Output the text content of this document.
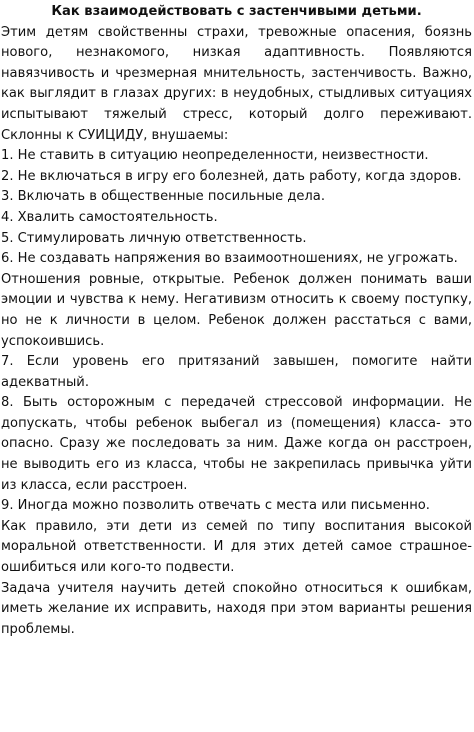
Как взаимодействовать с застенчивыми детьми.
Этим детям свойственны страхи, тревожные опасения, боязнь нового, незнакомого, низкая адаптивность. Появляются навязчивость и чрезмерная мнительность, застенчивость. Важно, как выглядит в глазах других: в неудобных, стыдливых ситуациях испытывают тяжелый стресс, который долго переживают. Склонны к СУИЦИДУ, внушаемы:
1. Не ставить в ситуацию неопределенности, неизвестности.
2. Не включаться в игру его болезней, дать работу, когда здоров.
3. Включать в общественные посильные дела.
4. Хвалить самостоятельность.
5. Стимулировать личную ответственность.
6. Не создавать напряжения во взаимоотношениях, не угрожать.
Отношения ровные, открытые. Ребенок должен понимать ваши эмоции и чувства к нему. Негативизм относить к своему поступку, но не к личности в целом. Ребенок должен расстаться с вами, успокоившись.
7. Если уровень его притязаний завышен, помогите найти адекватный.
8. Быть осторожным с передачей стрессовой информации. Не допускать, чтобы ребенок выбегал из (помещения) класса- это опасно. Сразу же последовать за ним. Даже когда он расстроен, не выводить его из класса, чтобы не закрепилась привычка уйти из класса, если расстроен.
9. Иногда можно позволить отвечать с места или письменно.
Как правило, эти дети из семей по типу воспитания высокой моральной ответственности. И для этих детей самое страшное-ошибиться или кого-то подвести.
Задача учителя научить детей спокойно относиться к ошибкам, иметь желание их исправить, находя при этом варианты решения проблемы.
